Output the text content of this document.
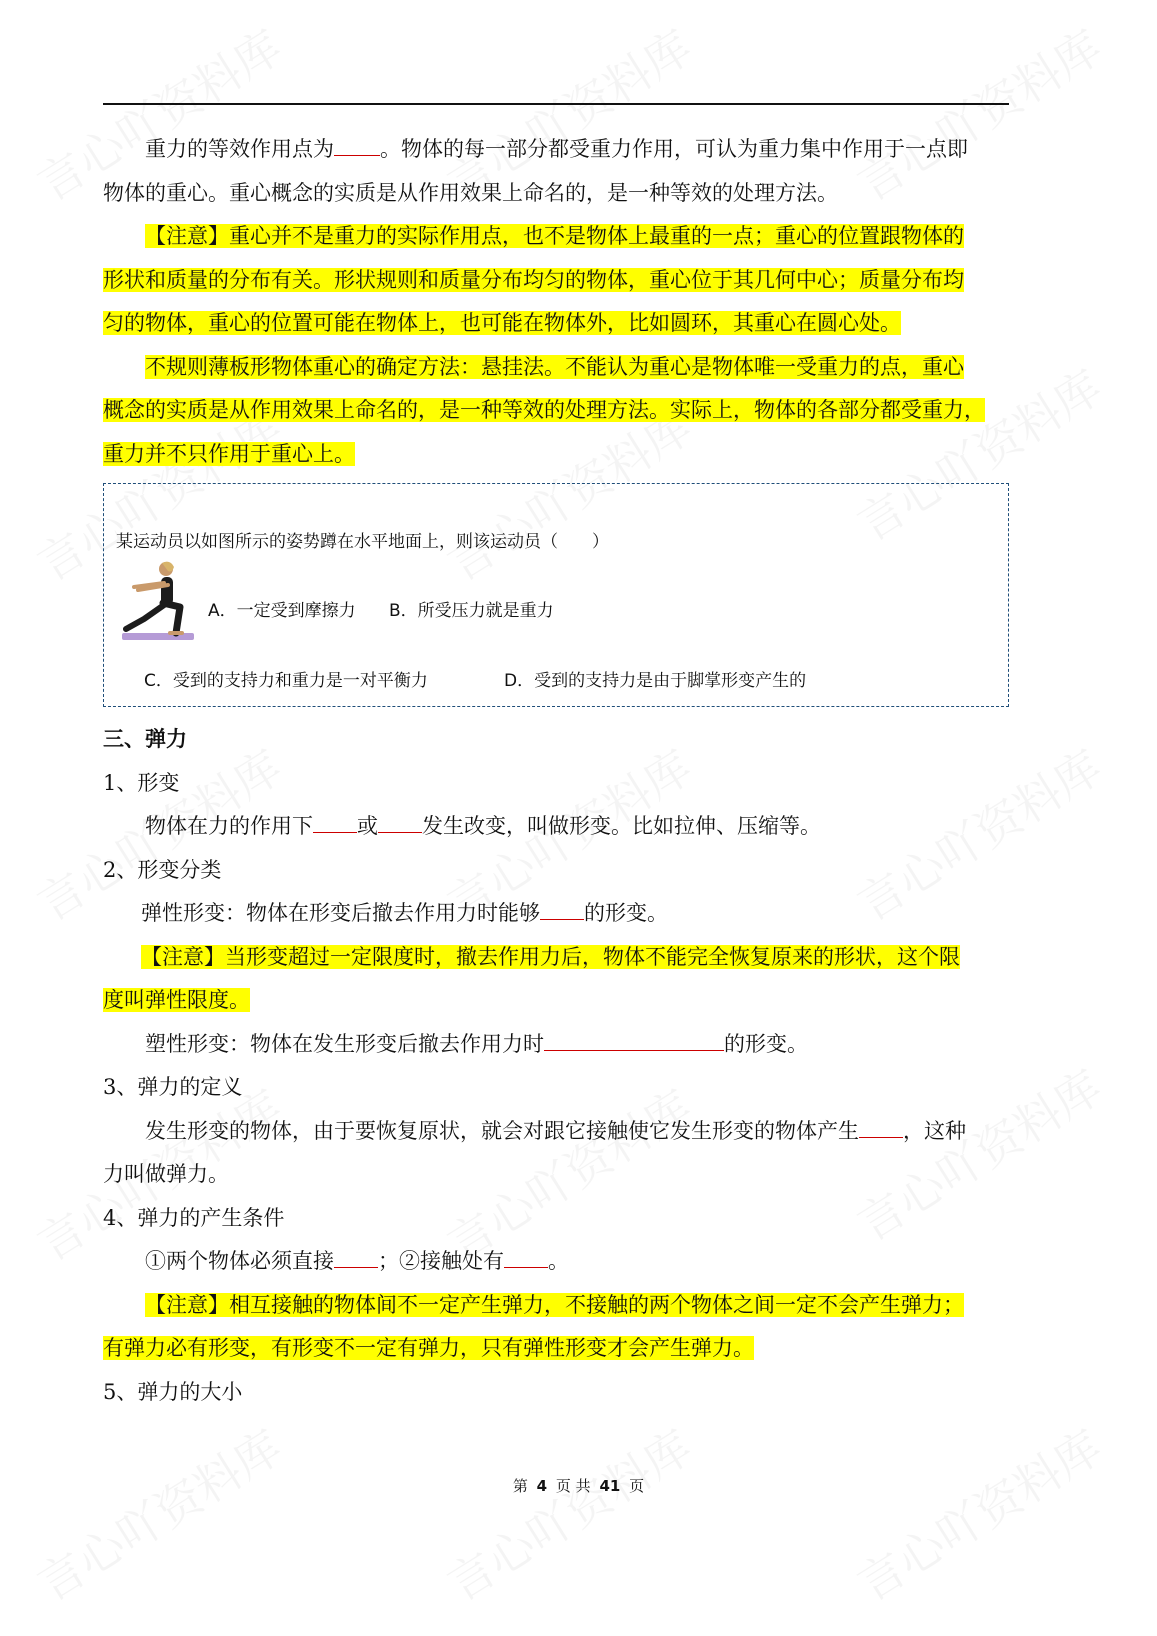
重力的等效作用点为 。物体的每一部分都受重力作用，可认为重力集中作用于一点即
物体的重心。重心概念的实质是从作用效果上命名的，是一种等效的处理方法。
【注意】重心并不是重力的实际作用点，也不是物体上最重的一点；重心的位置跟物体的
形状和质量的分布有关。形状规则和质量分布均匀的物体，重心位于其几何中心；质量分布均
匀的物体，重心的位置可能在物体上，也可能在物体外，比如圆环，其重心在圆心处。
不规则薄板形物体重心的确定方法：悬挂法。不能认为重心是物体唯一受重力的点，重心
概念的实质是从作用效果上命名的，是一种等效的处理方法。实际上，物体的各部分都受重力，
重力并不只作用于重心上。
某运动员以如图所示的姿势蹲在水平地面上，则该运动员（　　）
A．一定受到摩擦力 B．所受压力就是重力
C．受到的支持力和重力是一对平衡力	D．受到的支持力是由于脚掌形变产生的
三、弹力
1、形变
物体在力的作用下 或 发生改变，叫做形变。比如拉伸、压缩等。
2、形变分类
弹性形变：物体在形变后撤去作用力时能够 的形变。
【注意】当形变超过一定限度时，撤去作用力后，物体不能完全恢复原来的形状，这个限
度叫弹性限度。
塑性形变：物体在发生形变后撤去作用力时	的形变。
3、弹力的定义
发生形变的物体，由于要恢复原状，就会对跟它接触使它发生形变的物体产生 ，这种
力叫做弹力。
4、弹力的产生条件
①两个物体必须直接 ；②接触处有 。
【注意】相互接触的物体间不一定产生弹力，不接触的两个物体之间一定不会产生弹力；
有弹力必有形变，有形变不一定有弹力，只有弹性形变才会产生弹力。
5、弹力的大小
第 4 页 共 41 页
